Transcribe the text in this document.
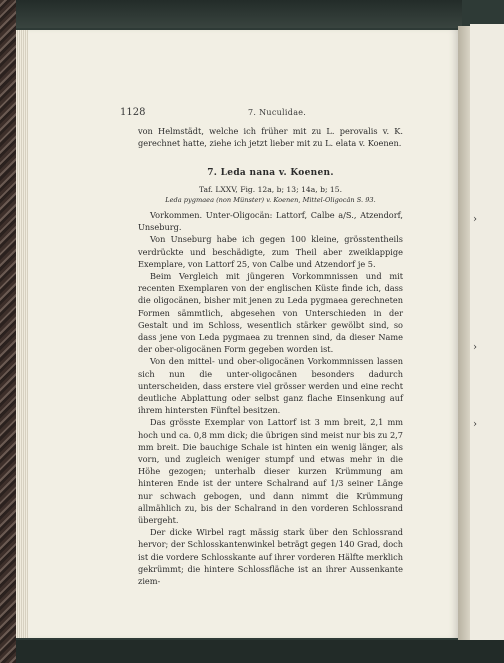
›
›
›
1128	7. Nuculidae.

von Helmstädt, welche ich früher mit zu L. perovalis v. K. gerechnet hatte, ziehe ich jetzt lieber mit zu L. elata v. Koenen.

7. Leda nana v. Koenen.

Taf. LXXV, Fig. 12a, b; 13; 14a, b; 15.

Leda pygmaea (non Münster) v. Koenen, Mittel-Oligocän S. 93.

Vorkommen. Unter-Oligocän: Lattorf, Calbe a/S., Atzendorf, Unseburg.

Von Unseburg habe ich gegen 100 kleine, grösstentheils verdrückte und beschädigte, zum Theil aber zweiklappige Exemplare, von Lattorf 25, von Calbe und Atzendorf je 5.

Beim Vergleich mit jüngeren Vorkommnissen und mit recenten Exemplaren von der englischen Küste finde ich, dass die oligocänen, bisher mit jenen zu Leda pygmaea gerechneten Formen sämmtlich, abgesehen von Unterschieden in der Gestalt und im Schloss, wesentlich stärker gewölbt sind, so dass jene von Leda pygmaea zu trennen sind, da dieser Name der ober-oligocänen Form gegeben worden ist.

Von den mittel- und ober-oligocänen Vorkommnissen lassen sich nun die unter-oligocänen besonders dadurch unterscheiden, dass erstere viel grösser werden und eine recht deutliche Abplattung oder selbst ganz flache Einsenkung auf ihrem hintersten Fünftel besitzen.

Das grösste Exemplar von Lattorf ist 3 mm breit, 2,1 mm hoch und ca. 0,8 mm dick; die übrigen sind meist nur bis zu 2,7 mm breit. Die bauchige Schale ist hinten ein wenig länger, als vorn, und zugleich weniger stumpf und etwas mehr in die Höhe gezogen; unterhalb dieser kurzen Krümmung am hinteren Ende ist der untere Schalrand auf 1/3 seiner Länge nur schwach gebogen, und dann nimmt die Krümmung allmählich zu, bis der Schalrand in den vorderen Schlossrand übergeht.

Der dicke Wirbel ragt mässig stark über den Schlossrand hervor; der Schlosskantenwinkel beträgt gegen 140 Grad, doch ist die vordere Schlosskante auf ihrer vorderen Hälfte merklich gekrümmt; die hintere Schlossfläche ist an ihrer Aussenkante ziem-
